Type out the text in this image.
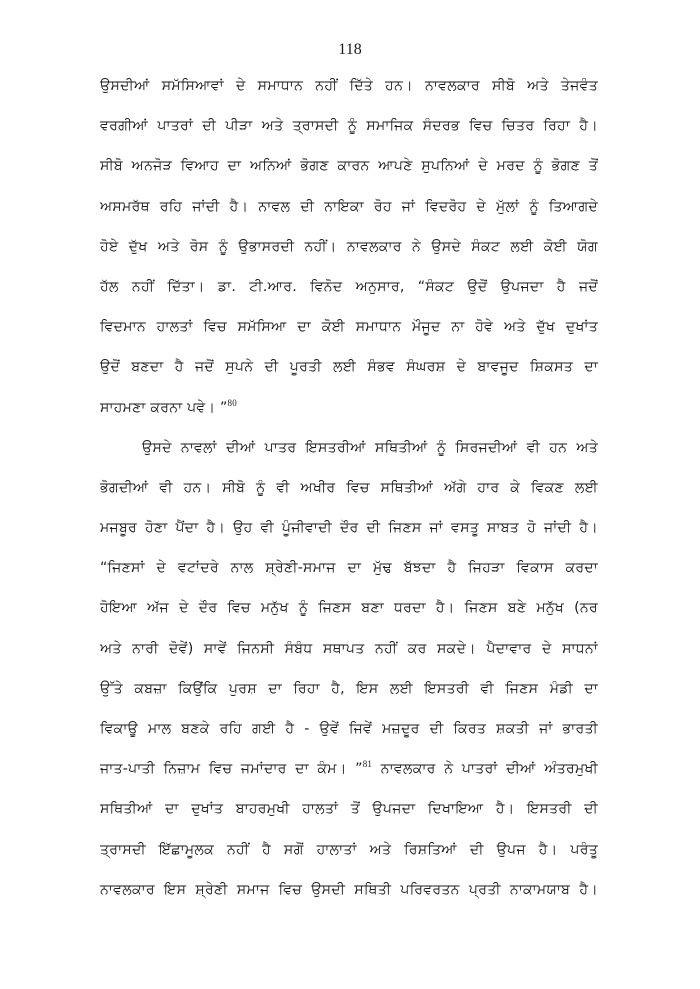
118
ਉਸਦੀਆਂ ਸਮੱਸਿਆਵਾਂ ਦੇ ਸਮਾਧਾਨ ਨਹੀਂ ਦਿੱਤੇ ਹਨ। ਨਾਵਲਕਾਰ ਸੀਬੋ ਅਤੇ ਤੇਜਵੰਤ
ਵਰਗੀਆਂ ਪਾਤਰਾਂ ਦੀ ਪੀੜਾ ਅਤੇ ਤ੍ਰਾਸਦੀ ਨੂੰ ਸਮਾਜਿਕ ਸੰਦਰਭ ਵਿਚ ਚਿਤਰ ਰਿਹਾ ਹੈ।
ਸੀਬੋ ਅਨਜੋੜ ਵਿਆਹ ਦਾ ਅਨਿਆਂ ਭੋਗਣ ਕਾਰਨ ਆਪਣੇ ਸੁਪਨਿਆਂ ਦੇ ਮਰਦ ਨੂੰ ਭੋਗਣ ਤੋਂ
ਅਸਮਰੱਥ ਰਹਿ ਜਾਂਦੀ ਹੈ। ਨਾਵਲ ਦੀ ਨਾਇਕਾ ਰੋਹ ਜਾਂ ਵਿਦਰੋਹ ਦੇ ਮੁੱਲਾਂ ਨੂੰ ਤਿਆਗਦੇ
ਹੋਏ ਦੁੱਖ ਅਤੇ ਰੋਸ ਨੂੰ ਉਭਾਸਰਦੀ ਨਹੀਂ। ਨਾਵਲਕਾਰ ਨੇ ਉਸਦੇ ਸੰਕਟ ਲਈ ਕੋਈ ਯੋਗ
ਹੱਲ ਨਹੀਂ ਦਿੱਤਾ। ਡਾ. ਟੀ.ਆਰ. ਵਿਨੋਦ ਅਨੁਸਾਰ, “ਸੰਕਟ ਉਦੋਂ ਉਪਜਦਾ ਹੈ ਜਦੋਂ
ਵਿਦਮਾਨ ਹਾਲਤਾਂ ਵਿਚ ਸਮੱਸਿਆ ਦਾ ਕੋਈ ਸਮਾਧਾਨ ਮੌਜੂਦ ਨਾ ਹੋਵੇ ਅਤੇ ਦੁੱਖ ਦੁਖਾਂਤ
ਉਦੋਂ ਬਣਦਾ ਹੈ ਜਦੋਂ ਸੁਪਨੇ ਦੀ ਪੂਰਤੀ ਲਈ ਸੰਭਵ ਸੰਘਰਸ਼ ਦੇ ਬਾਵਜੂਦ ਸ਼ਿਕਸਤ ਦਾ
ਸਾਹਮਣਾ ਕਰਨਾ ਪਵੇ। ”$^{80}$
ਉਸਦੇ ਨਾਵਲਾਂ ਦੀਆਂ ਪਾਤਰ ਇਸਤਰੀਆਂ ਸਥਿਤੀਆਂ ਨੂੰ ਸਿਰਜਦੀਆਂ ਵੀ ਹਨ ਅਤੇ
ਭੋਗਦੀਆਂ ਵੀ ਹਨ। ਸੀਬੋ ਨੂੰ ਵੀ ਅਖੀਰ ਵਿਚ ਸਥਿਤੀਆਂ ਅੱਗੇ ਹਾਰ ਕੇ ਵਿਕਣ ਲਈ
ਮਜਬੂਰ ਹੋਣਾ ਪੈਂਦਾ ਹੈ। ਉਹ ਵੀ ਪੂੰਜੀਵਾਦੀ ਦੌਰ ਦੀ ਜਿਣਸ ਜਾਂ ਵਸਤੂ ਸਾਬਤ ਹੋ ਜਾਂਦੀ ਹੈ।
“ਜਿਣਸਾਂ ਦੇ ਵਟਾਂਦਰੇ ਨਾਲ ਸ਼੍ਰੇਣੀ-ਸਮਾਜ ਦਾ ਮੁੱਢ ਬੱਝਦਾ ਹੈ ਜਿਹੜਾ ਵਿਕਾਸ ਕਰਦਾ
ਹੋਇਆ ਅੱਜ ਦੇ ਦੌਰ ਵਿਚ ਮਨੁੱਖ ਨੂੰ ਜਿਣਸ ਬਣਾ ਧਰਦਾ ਹੈ। ਜਿਣਸ ਬਣੇ ਮਨੁੱਖ (ਨਰ
ਅਤੇ ਨਾਰੀ ਦੋਵੇਂ) ਸਾਵੇਂ ਜਿਨਸੀ ਸੰਬੰਧ ਸਥਾਪਤ ਨਹੀਂ ਕਰ ਸਕਦੇ। ਪੈਦਾਵਾਰ ਦੇ ਸਾਧਨਾਂ
ਉੱਤੇ ਕਬਜ਼ਾ ਕਿਉਂਕਿ ਪੁਰਸ਼ ਦਾ ਰਿਹਾ ਹੈ, ਇਸ ਲਈ ਇਸਤਰੀ ਵੀ ਜਿਣਸ ਮੰਡੀ ਦਾ
ਵਿਕਾਊ ਮਾਲ ਬਣਕੇ ਰਹਿ ਗਈ ਹੈ - ਉਵੇਂ ਜਿਵੇਂ ਮਜ਼ਦੂਰ ਦੀ ਕਿਰਤ ਸ਼ਕਤੀ ਜਾਂ ਭਾਰਤੀ
ਜਾਤ-ਪਾਤੀ ਨਿਜ਼ਾਮ ਵਿਚ ਜਮਾਂਦਾਰ ਦਾ ਕੰਮ। ”$^{81}$ ਨਾਵਲਕਾਰ ਨੇ ਪਾਤਰਾਂ ਦੀਆਂ ਅੰਤਰਮੁਖੀ
ਸਥਿਤੀਆਂ ਦਾ ਦੁਖਾਂਤ ਬਾਹਰਮੁਖੀ ਹਾਲਤਾਂ ਤੋਂ ਉਪਜਦਾ ਦਿਖਾਇਆ ਹੈ। ਇਸਤਰੀ ਦੀ
ਤ੍ਰਾਸਦੀ ਇੱਛਾਮੂਲਕ ਨਹੀਂ ਹੈ ਸਗੋਂ ਹਾਲਾਤਾਂ ਅਤੇ ਰਿਸ਼ਤਿਆਂ ਦੀ ਉਪਜ ਹੈ। ਪਰੰਤੂ
ਨਾਵਲਕਾਰ ਇਸ ਸ਼੍ਰੇਣੀ ਸਮਾਜ ਵਿਚ ਉਸਦੀ ਸਥਿਤੀ ਪਰਿਵਰਤਨ ਪ੍ਰਤੀ ਨਾਕਾਮਯਾਬ ਹੈ।
